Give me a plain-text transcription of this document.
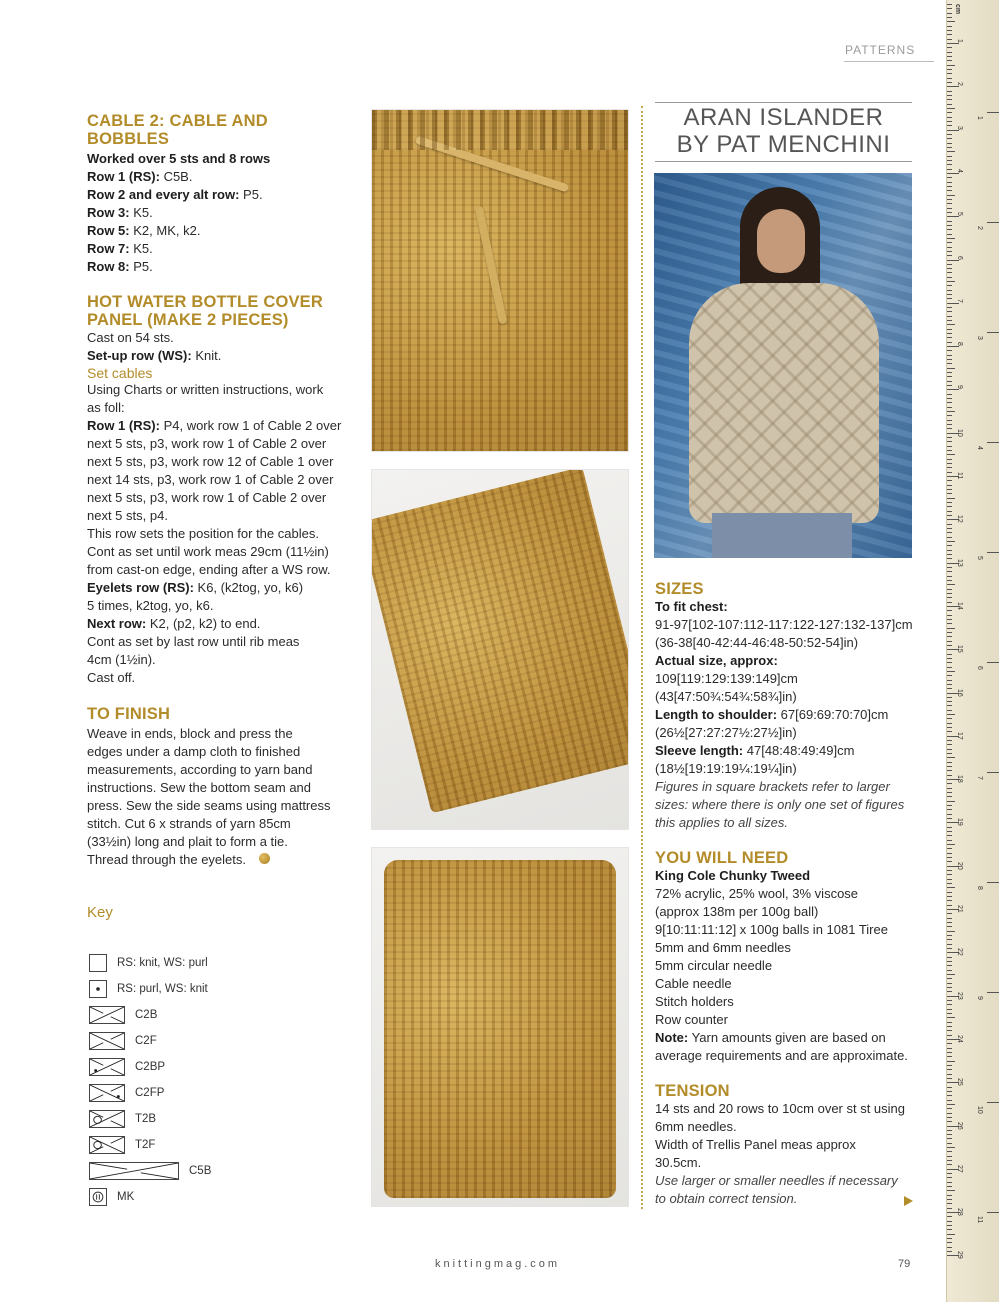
PATTERNS
CABLE 2: CABLE AND
BOBBLES
Worked over 5 sts and 8 rows
Row 1 (RS): C5B.
Row 2 and every alt row: P5.
Row 3: K5.
Row 5: K2, MK, k2.
Row 7: K5.
Row 8: P5.
HOT WATER BOTTLE COVER
PANEL (MAKE 2 PIECES)
Cast on 54 sts.
Set-up row (WS): Knit.
Set cables
Using Charts or written instructions, work
as foll:
Row 1 (RS): P4, work row 1 of Cable 2 over
next 5 sts, p3, work row 1 of Cable 2 over
next 5 sts, p3, work row 12 of Cable 1 over
next 14 sts, p3, work row 1 of Cable 2 over
next 5 sts, p3, work row 1 of Cable 2 over
next 5 sts, p4.
This row sets the position for the cables.
Cont as set until work meas 29cm (11½in)
from cast-on edge, ending after a WS row.
Eyelets row (RS): K6, (k2tog, yo, k6)
5 times, k2tog, yo, k6.
Next row: K2, (p2, k2) to end.
Cont as set by last row until rib meas
4cm (1½in).
Cast off.
TO FINISH
Weave in ends, block and press the
edges under a damp cloth to finished
measurements, according to yarn band
instructions. Sew the bottom seam and
press. Sew the side seams using mattress
stitch. Cut 6 x strands of yarn 85cm
(33½in) long and plait to form a tie.
Thread through the eyelets.
Key
RS: knit, WS: purl
RS: purl, WS: knit
C2B
C2F
C2BP
C2FP
T2B
T2F
C5B
MK
ARAN ISLANDER
BY PAT MENCHINI
SIZES
To fit chest:
91-97[102-107:112-117:122-127:132-137]cm
(36-38[40-42:44-46:48-50:52-54]in)
Actual size, approx:
109[119:129:139:149]cm
(43[47:50¾:54¾:58¾]in)
Length to shoulder: 67[69:69:70:70]cm
(26½[27:27:27½:27½]in)
Sleeve length: 47[48:48:49:49]cm
(18½[19:19:19¼:19¼]in)
Figures in square brackets refer to larger
sizes: where there is only one set of figures
this applies to all sizes.
YOU WILL NEED
King Cole Chunky Tweed
72% acrylic, 25% wool, 3% viscose
(approx 138m per 100g ball)
9[10:11:11:12] x 100g balls in 1081 Tiree
5mm and 6mm needles
5mm circular needle
Cable needle
Stitch holders
Row counter
Note: Yarn amounts given are based on
average requirements and are approximate.
TENSION
14 sts and 20 rows to 10cm over st st using
6mm needles.
Width of Trellis Panel meas approx
30.5cm.
Use larger or smaller needles if necessary
to obtain correct tension.
knittingmag.com	79
cm
1
2
3
4
5
6
7
8
9
10
11
12
13
14
15
16
17
18
19
20
21
22
23
24
25
26
27
28
29
1
2
3
4
5
6
7
8
9
10
11
